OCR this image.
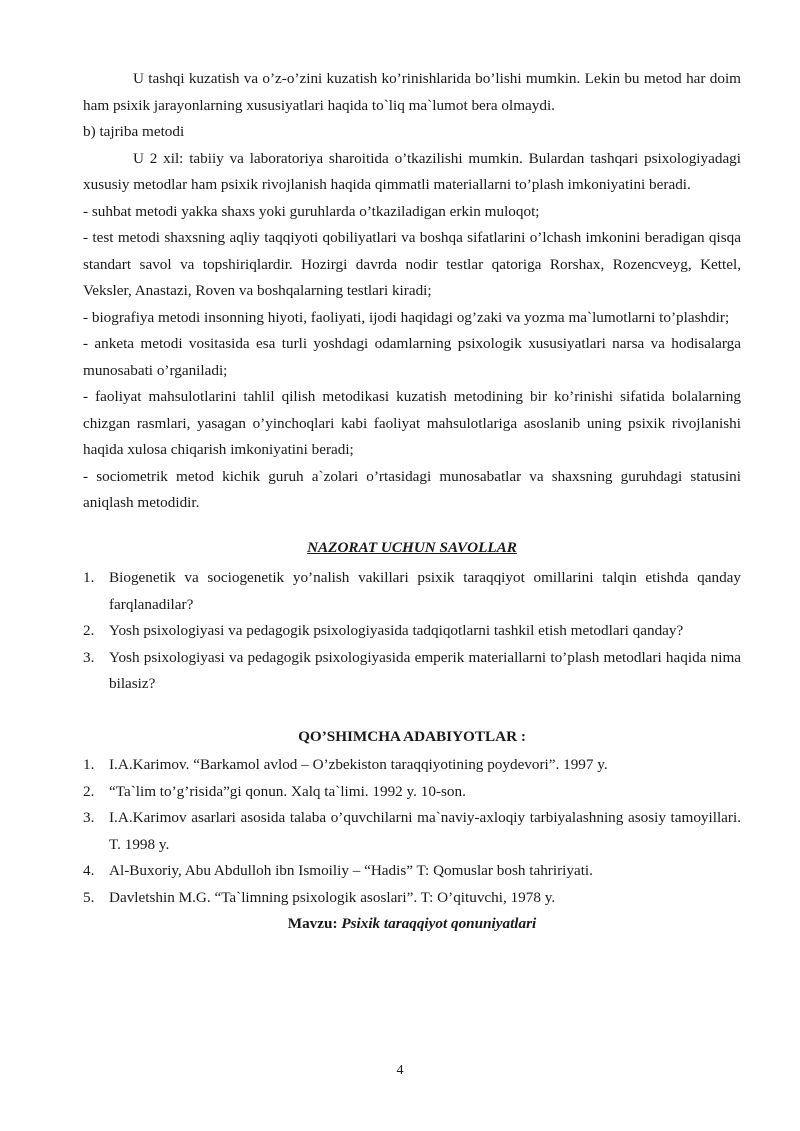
U tashqi kuzatish va o’z-o’zini kuzatish ko’rinishlarida bo’lishi mumkin. Lekin bu metod har doim ham psixik jarayonlarning xususiyatlari haqida to`liq ma`lumot bera olmaydi.

b) tajriba metodi

U 2 xil: tabiiy va laboratoriya sharoitida o’tkazilishi mumkin. Bulardan tashqari psixologiyadagi xususiy metodlar ham psixik rivojlanish haqida qimmatli materiallarni to’plash imkoniyatini beradi.

- suhbat metodi yakka shaxs yoki guruhlarda o’tkaziladigan erkin muloqot;

- test metodi shaxsning aqliy taqqiyoti qobiliyatlari va boshqa sifatlarini o’lchash imkonini beradigan qisqa standart savol va topshiriqlardir. Hozirgi davrda nodir testlar qatoriga Rorshax, Rozencveyg, Kettel, Veksler, Anastazi, Roven va boshqalarning testlari kiradi;

- biografiya metodi insonning hiyoti, faoliyati, ijodi haqidagi og’zaki va yozma ma`lumotlarni to’plashdir;

- anketa metodi vositasida esa turli yoshdagi odamlarning psixologik xususiyatlari narsa va hodisalarga munosabati o’rganiladi;

- faoliyat mahsulotlarini tahlil qilish metodikasi kuzatish metodining bir ko’rinishi sifatida bolalarning chizgan rasmlari, yasagan o’yinchoqlari kabi faoliyat mahsulotlariga asoslanib uning psixik rivojlanishi haqida xulosa chiqarish imkoniyatini beradi;

- sociometrik metod kichik guruh a`zolari o’rtasidagi munosabatlar va shaxsning guruhdagi statusini aniqlash metodidir.

NAZORAT UCHUN SAVOLLAR

1. Biogenetik va sociogenetik yo’nalish vakillari psixik taraqqiyot omillarini talqin etishda qanday farqlanadilar?
2. Yosh psixologiyasi va pedagogik psixologiyasida tadqiqotlarni tashkil etish metodlari qanday?
3. Yosh psixologiyasi va pedagogik psixologiyasida emperik materiallarni to’plash metodlari haqida nima bilasiz?

QO’SHIMCHA ADABIYOTLAR :

1. I.A.Karimov. “Barkamol avlod – O’zbekiston taraqqiyotining poydevori”. 1997 y.
2. “Ta`lim to’g’risida”gi qonun. Xalq ta`limi. 1992 y. 10-son.
3. I.A.Karimov asarlari asosida talaba o’quvchilarni ma`naviy-axloqiy tarbiyalashning asosiy tamoyillari. T. 1998 y.
4. Al-Buxoriy, Abu Abdulloh ibn Ismoiliy – “Hadis” T: Qomuslar bosh tahririyati.
5. Davletshin M.G. “Ta`limning psixologik asoslari”. T: O’qituvchi, 1978 y.

Mavzu: Psixik taraqqiyot qonuniyatlari

4
